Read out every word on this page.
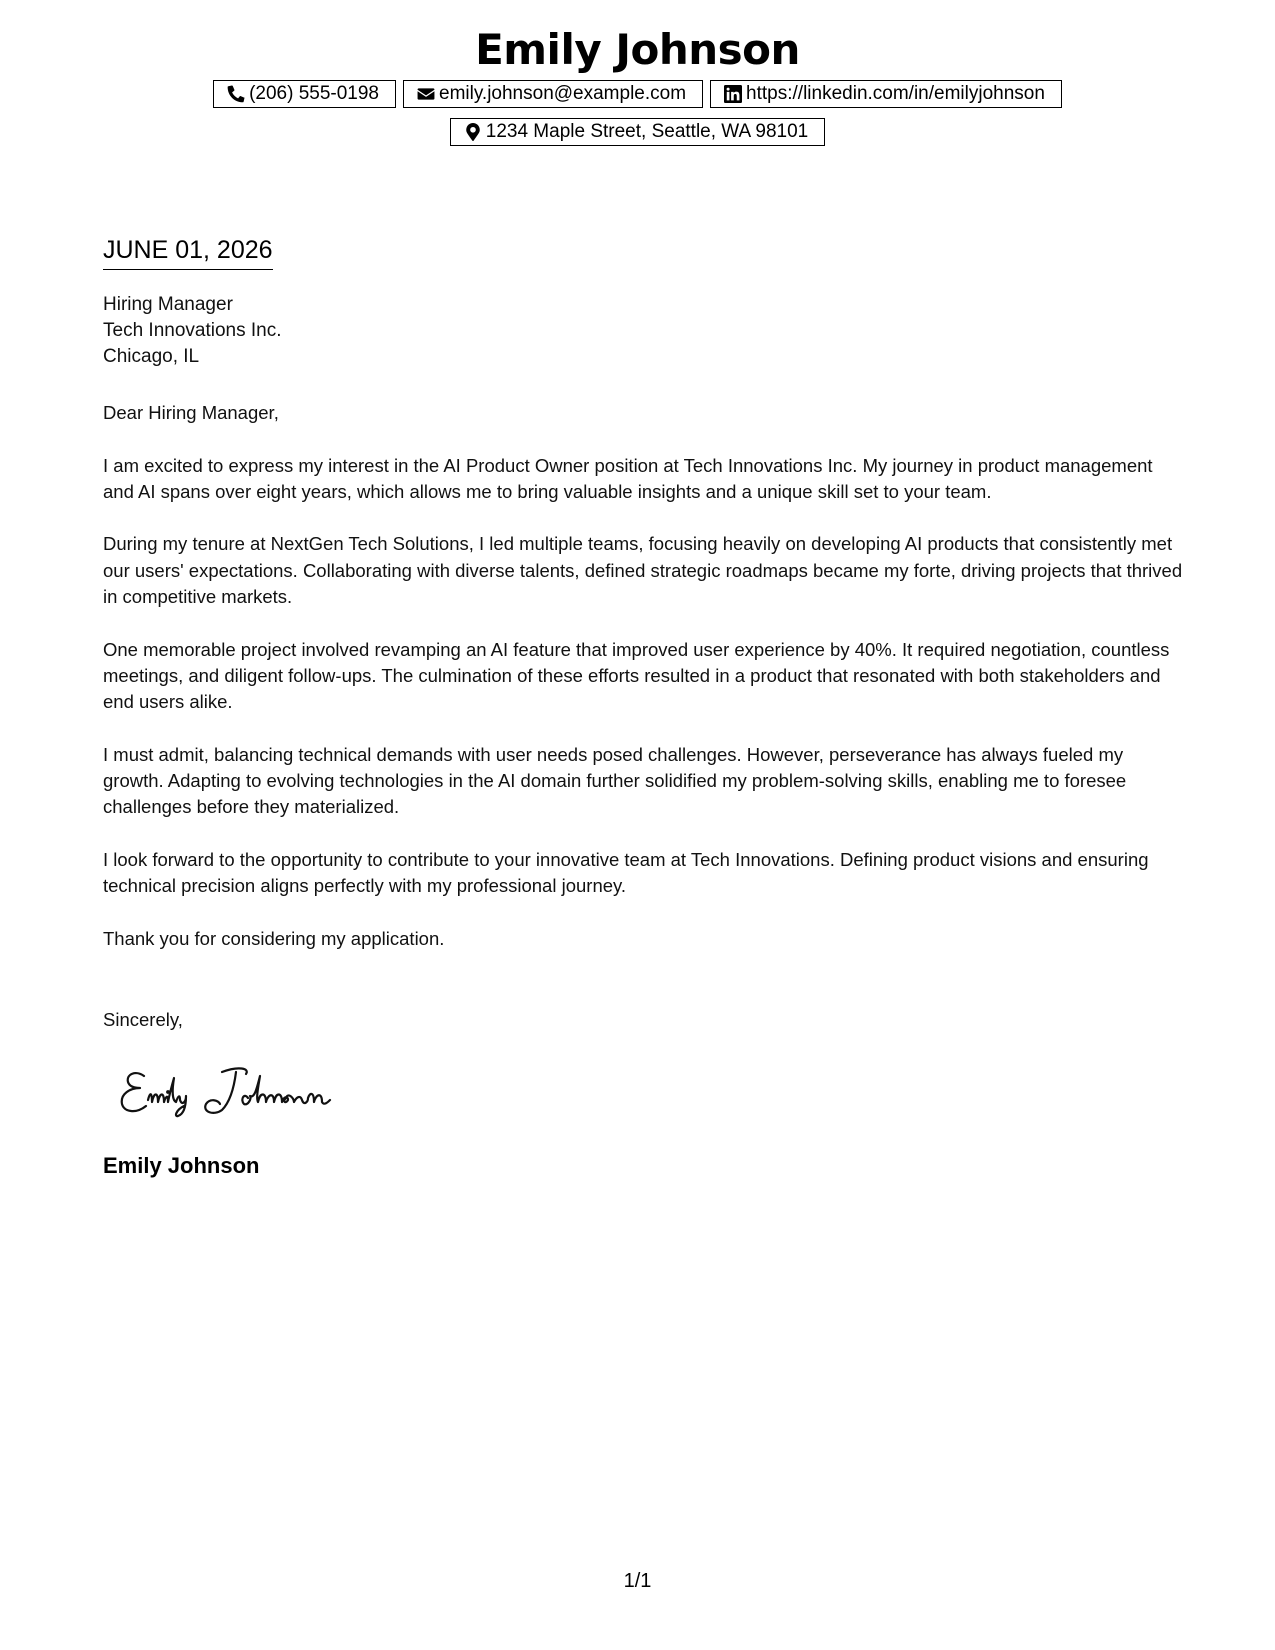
Emily Johnson
(206) 555-0198	emily.johnson@example.com	https://linkedin.com/in/emilyjohnson
1234 Maple Street, Seattle, WA 98101
JUNE 01, 2026
Hiring Manager
Tech Innovations Inc.
Chicago, IL

Dear Hiring Manager,

I am excited to express my interest in the AI Product Owner position at Tech Innovations Inc. My journey in product management and AI spans over eight years, which allows me to bring valuable insights and a unique skill set to your team.

During my tenure at NextGen Tech Solutions, I led multiple teams, focusing heavily on developing AI products that consistently met our users' expectations. Collaborating with diverse talents, defined strategic roadmaps became my forte, driving projects that thrived in competitive markets.

One memorable project involved revamping an AI feature that improved user experience by 40%. It required negotiation, countless meetings, and diligent follow-ups. The culmination of these efforts resulted in a product that resonated with both stakeholders and end users alike.

I must admit, balancing technical demands with user needs posed challenges. However, perseverance has always fueled my growth. Adapting to evolving technologies in the AI domain further solidified my problem-solving skills, enabling me to foresee challenges before they materialized.

I look forward to the opportunity to contribute to your innovative team at Tech Innovations. Defining product visions and ensuring technical precision aligns perfectly with my professional journey.

Thank you for considering my application.

Sincerely,
Emily Johnson
1/1
